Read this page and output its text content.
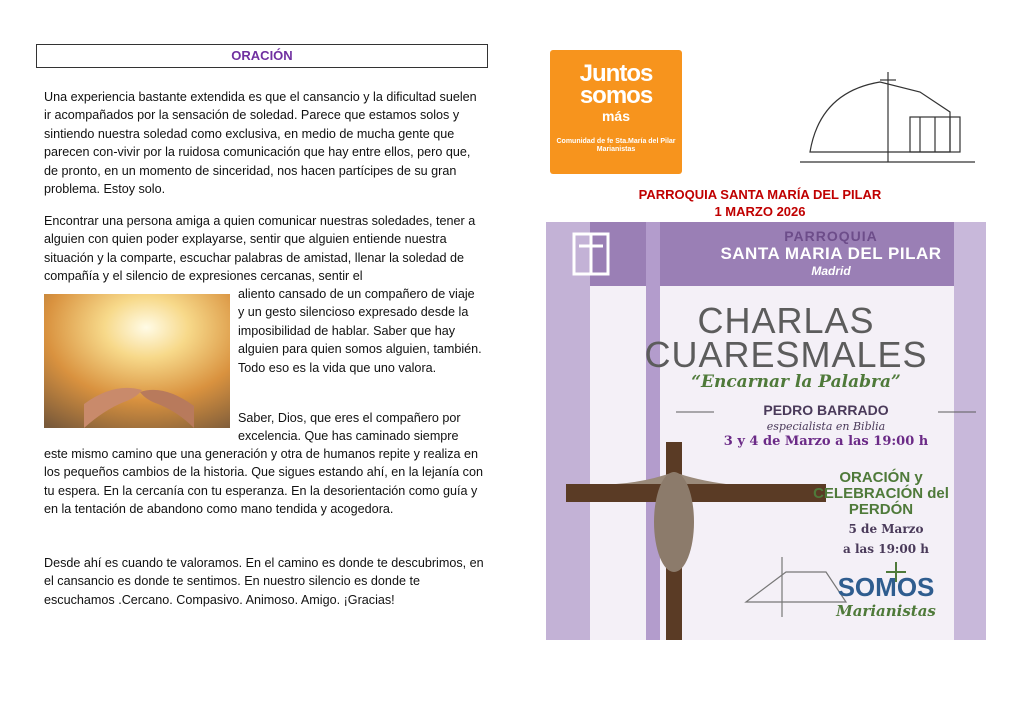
ORACIÓN

Una experiencia bastante extendida es que el cansancio y la dificultad suelen ir acompañados por la sensación de soledad. Parece que estamos solos y sintiendo nuestra soledad como exclusiva, en medio de mucha gente que parecen con-vivir por la ruidosa comunicación que hay entre ellos, pero que, de pronto, en un momento de sinceridad, nos hacen partícipes de su gran problema. Estoy solo.

Encontrar una persona amiga a quien comunicar nuestras soledades, tener a alguien con quien poder explayarse, sentir que alguien entiende nuestra situación y la comparte, escuchar palabras de amistad, llenar la soledad de compañía y el silencio de expresiones cercanas, sentir el

aliento cansado de un compañero de viaje y un gesto silencioso expresado desde la imposibilidad de hablar. Saber que hay alguien para quien somos alguien, también. Todo eso es la vida que uno valora.

Saber, Dios, que eres el compañero por excelencia. Que has caminado siempre

este mismo camino que una generación y otra de humanos repite y realiza en los pequeños cambios de la historia. Que sigues estando ahí, en la lejanía con tu espera. En la cercanía con tu esperanza. En la desorientación como guía y en la tentación de abandono como mano tendida y acogedora.

Desde ahí es cuando te valoramos. En el camino es donde te descubrimos, en el cansancio es donde te sentimos. En nuestro silencio es donde te escuchamos .Cercano. Compasivo. Animoso. Amigo. ¡Gracias!

Juntos
somos
más
Comunidad de fe Sta.María del Pilar Marianistas
PARROQUIA SANTA MARÍA DEL PILAR
1 MARZO 2026
PARROQUIA
SANTA MARIA DEL PILAR
Madrid
CHARLAS
CUARESMALES
“Encarnar la Palabra”
PEDRO BARRADO
especialista en Biblia
3 y 4 de Marzo a las 19:00 h
ORACIÓN y CELEBRACIÓN del PERDÓN
5 de Marzo
a las 19:00 h
SOMOS
Marianistas
